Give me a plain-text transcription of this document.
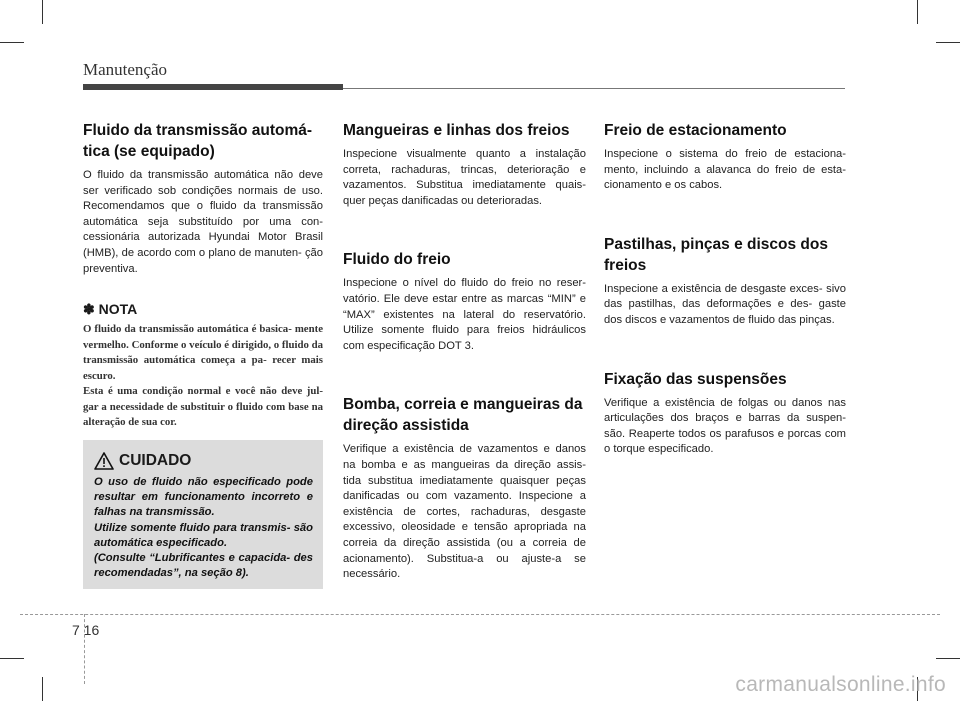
Manutenção
Fluido da transmissão automá- tica (se equipado)

O fluido da transmissão automática não deve ser verificado sob condições normais de uso. Recomendamos que o fluido da transmissão automática seja substituído por uma con- cessionária autorizada Hyundai Motor Brasil (HMB), de acordo com o plano de manuten- ção preventiva.

✽ NOTA

O fluido da transmissão automática é basica- mente vermelho. Conforme o veículo é dirigido, o fluido da transmissão automática começa a pa- recer mais escuro.

Esta é uma condição normal e você não deve jul- gar a necessidade de substituir o fluido com base na alteração de sua cor.

CUIDADO

O uso de fluido não especificado pode resultar em funcionamento incorreto e falhas na transmissão.

Utilize somente fluido para transmis- são automática especificado.

(Consulte “Lubrificantes e capacida- des recomendadas”, na seção 8).

Mangueiras e linhas dos freios

Inspecione visualmente quanto a instalação correta, rachaduras, trincas, deterioração e vazamentos. Substitua imediatamente quais- quer peças danificadas ou deterioradas.

Fluido do freio

Inspecione o nível do fluido do freio no reser- vatório. Ele deve estar entre as marcas “MIN” e “MAX” existentes na lateral do reservatório. Utilize somente fluido para freios hidráulicos com especificação DOT 3.

Bomba, correia e mangueiras da direção assistida

Verifique a existência de vazamentos e danos na bomba e as mangueiras da direção assis- tida substitua imediatamente quaisquer peças danificadas ou com vazamento. Inspecione a existência de cortes, rachaduras, desgaste excessivo, oleosidade e tensão apropriada na correia da direção assistida (ou a correia de acionamento). Substitua-a ou ajuste-a se necessário.

Freio de estacionamento

Inspecione o sistema do freio de estaciona- mento, incluindo a alavanca do freio de esta- cionamento e os cabos.

Pastilhas, pinças e discos dos freios

Inspecione a existência de desgaste exces- sivo das pastilhas, das deformações e des- gaste dos discos e vazamentos de fluido das pinças.

Fixação das suspensões

Verifique a existência de folgas ou danos nas articulações dos braços e barras da suspen- são. Reaperte todos os parafusos e porcas com o torque especificado.

7 16
carmanualsonline.info
